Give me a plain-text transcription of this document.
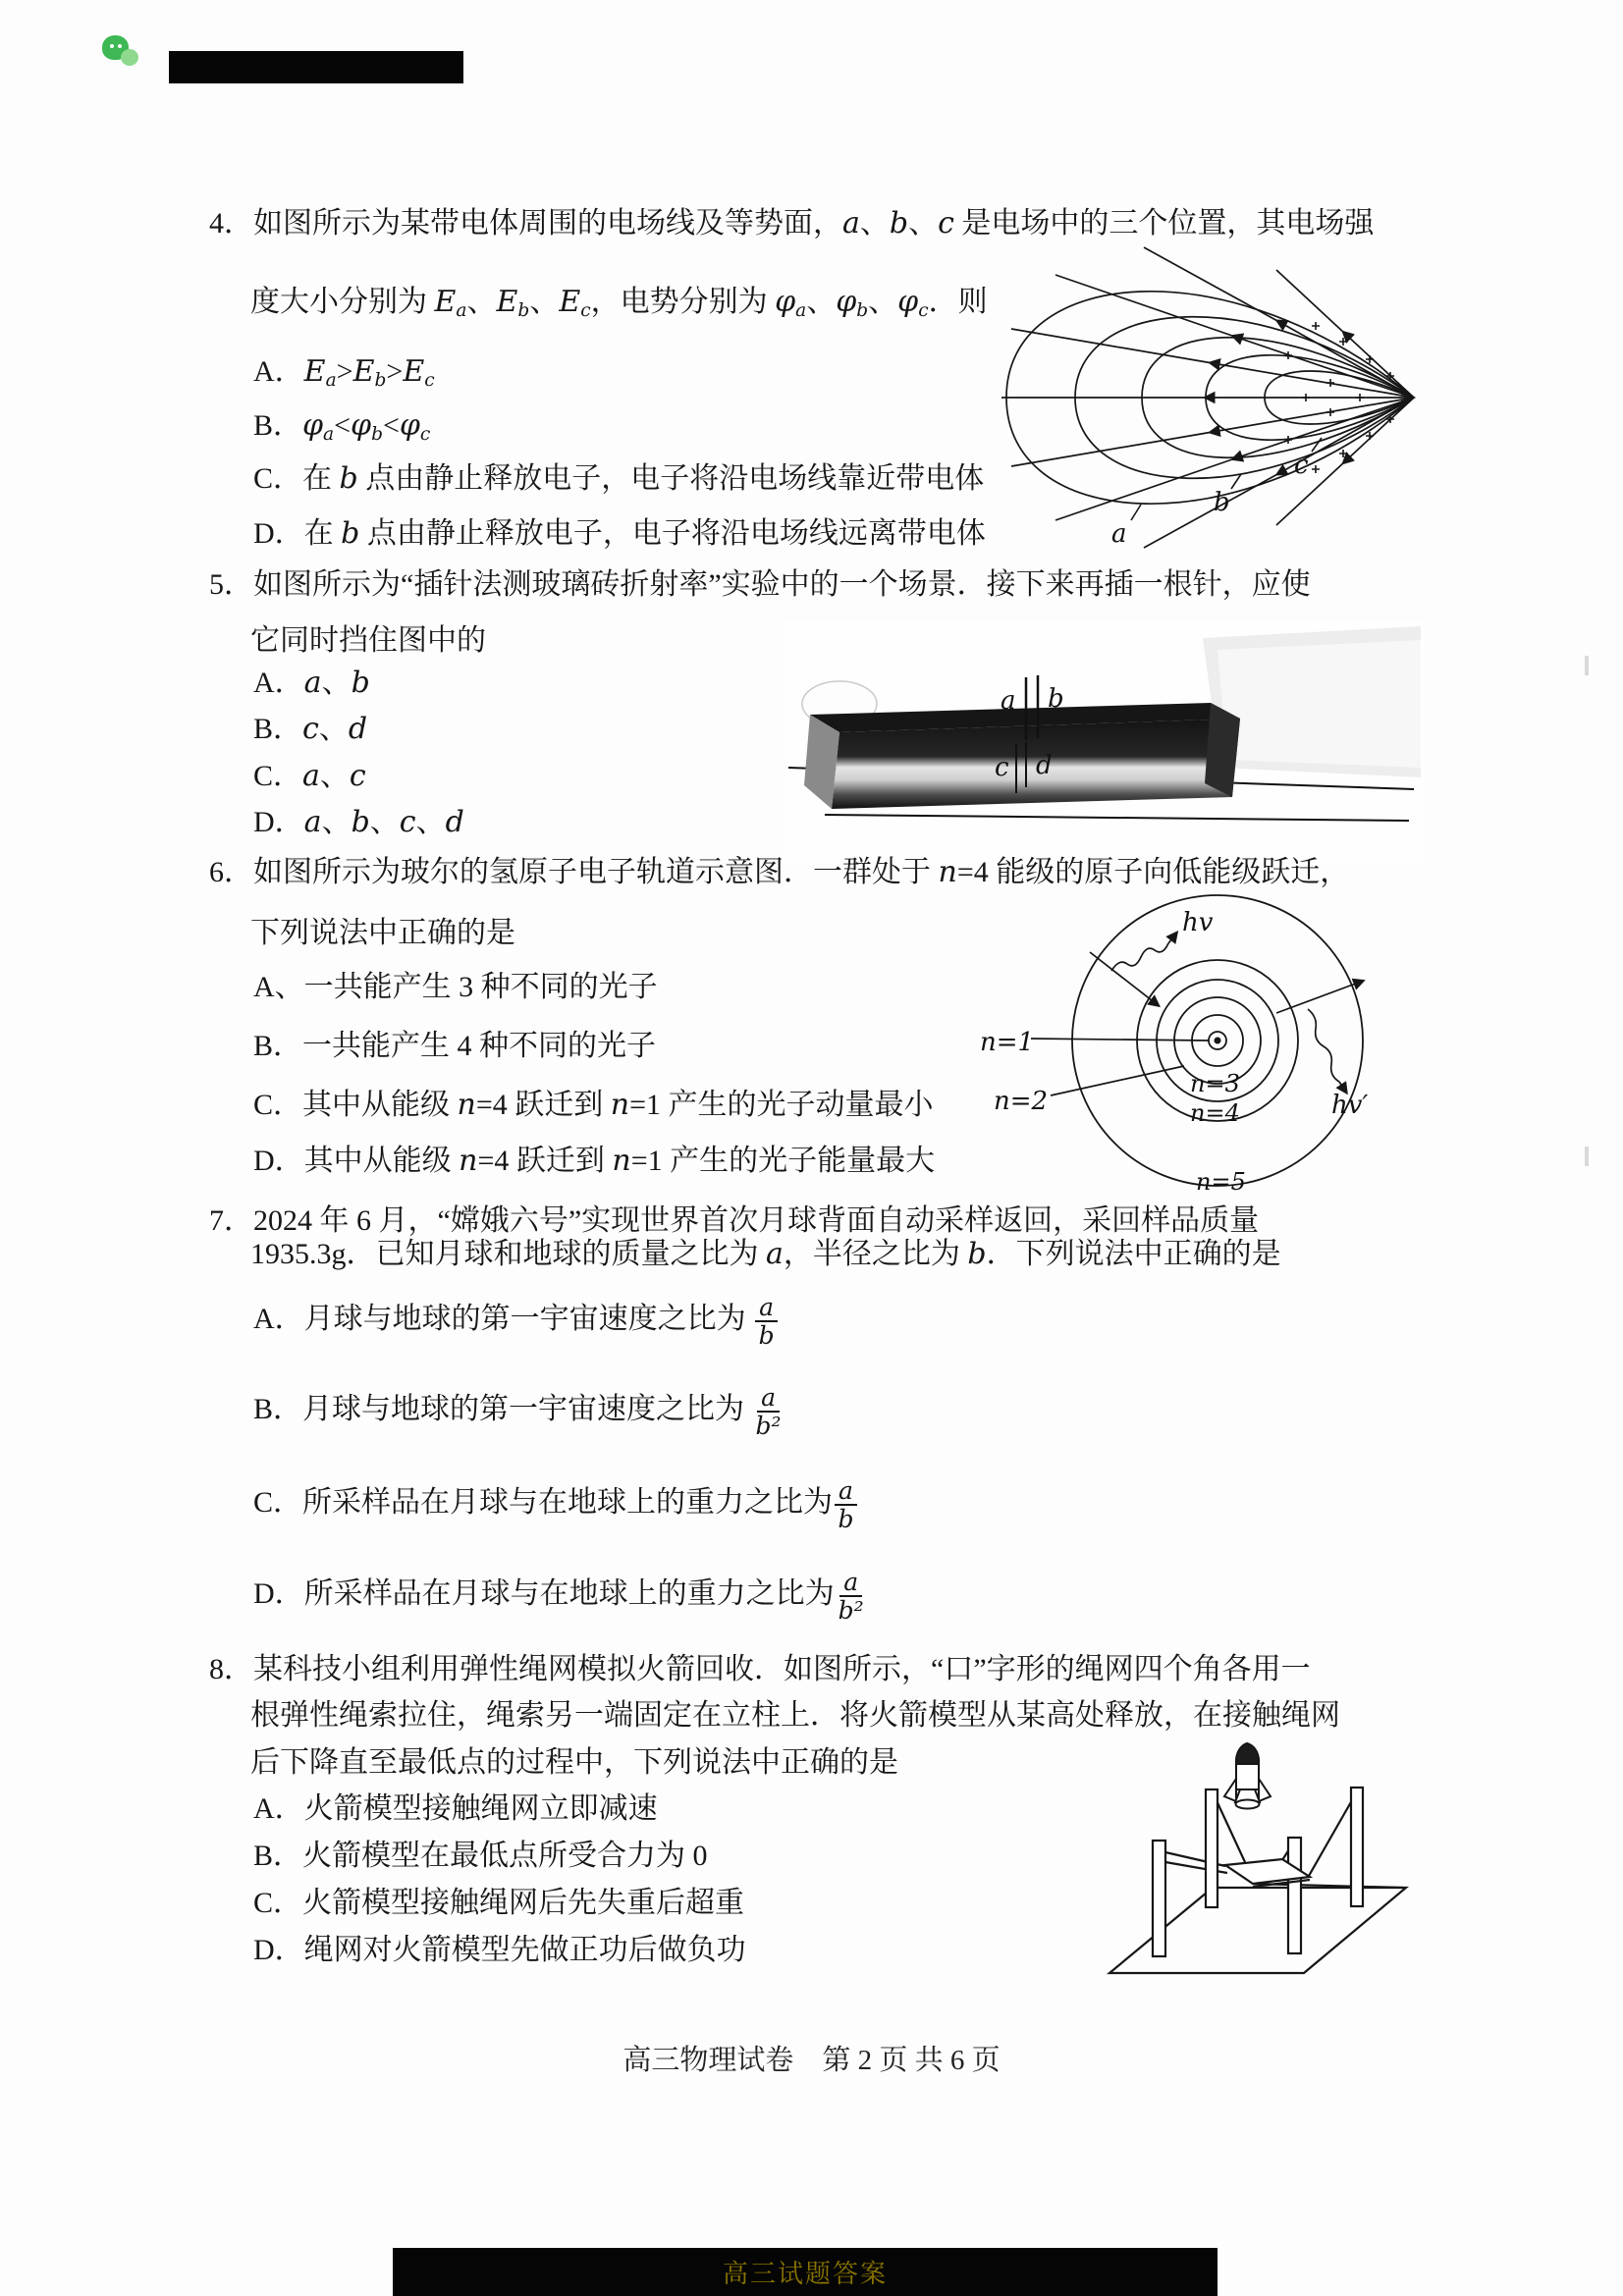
4．如图所示为某带电体周围的电场线及等势面，a、b、c 是电场中的三个位置，其电场强
度大小分别为 Ea、Eb、Ec，电势分别为 φa、φb、φc．则
A．Ea>Eb>Ec
B．φa<φb<φc
C．在 b 点由静止释放电子，电子将沿电场线靠近带电体
D．在 b 点由静止释放电子，电子将沿电场线远离带电体	a
b
c
5．如图所示为“插针法测玻璃砖折射率”实验中的一个场景．接下来再插一根针，应使
它同时挡住图中的
A．a、b
B．c、d
C．a、c
D．a、b、c、d
a b
c d
6．如图所示为玻尔的氢原子电子轨道示意图．一群处于 n=4 能级的原子向低能级跃迁，
下列说法中正确的是
A、一共能产生 3 种不同的光子
B．一共能产生 4 种不同的光子
C．其中从能级 n=4 跃迁到 n=1 产生的光子动量最小
D．其中从能级 n=4 跃迁到 n=1 产生的光子能量最大
hv
hv′
n=1
n=2
n=3
n=4
n=5
7．2024 年 6 月，“嫦娥六号”实现世界首次月球背面自动采样返回，采回样品质量
1935.3g．已知月球和地球的质量之比为 a，半径之比为 b．下列说法中正确的是
A．月球与地球的第一宇宙速度之比为 $\frac{a}{b}$
B．月球与地球的第一宇宙速度之比为 $\frac{a}{\text{b²}}$
C．所采样品在月球与在地球上的重力之比为 $\frac{a}{b}$
D．所采样品在月球与在地球上的重力之比为 $\frac{a}{\text{b²}}$
8．某科技小组利用弹性绳网模拟火箭回收．如图所示，“口”字形的绳网四个角各用一
根弹性绳索拉住，绳索另一端固定在立柱上．将火箭模型从某高处释放，在接触绳网
后下降直至最低点的过程中，下列说法中正确的是
A．火箭模型接触绳网立即减速
B．火箭模型在最低点所受合力为 0
C．火箭模型接触绳网后先失重后超重
D．绳网对火箭模型先做正功后做负功
高三物理试卷　第 2 页 共 6 页
高三试题答案
